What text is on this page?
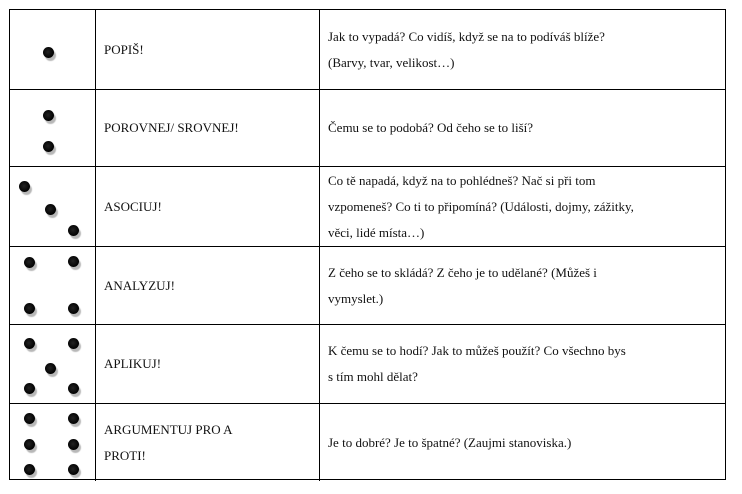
POPIŠ!
Jak to vypadá? Co vidíš, když se na to podíváš blíže?
(Barvy, tvar, velikost…)
POROVNEJ/ SROVNEJ!	Čemu se to podobá? Od čeho se to liší?
ASOCIUJ!
Co tě napadá, když na to pohlédneš? Nač si při tom
vzpomeneš? Co ti to připomíná? (Události, dojmy, zážitky,
věci, lidé místa…)
ANALYZUJ!
Z čeho se to skládá? Z čeho je to udělané? (Můžeš i
vymyslet.)
APLIKUJ!
K čemu se to hodí? Jak to můžeš použít? Co všechno bys
s tím mohl dělat?
ARGUMENTUJ PRO A
PROTI!
Je to dobré? Je to špatné? (Zaujmi stanoviska.)
